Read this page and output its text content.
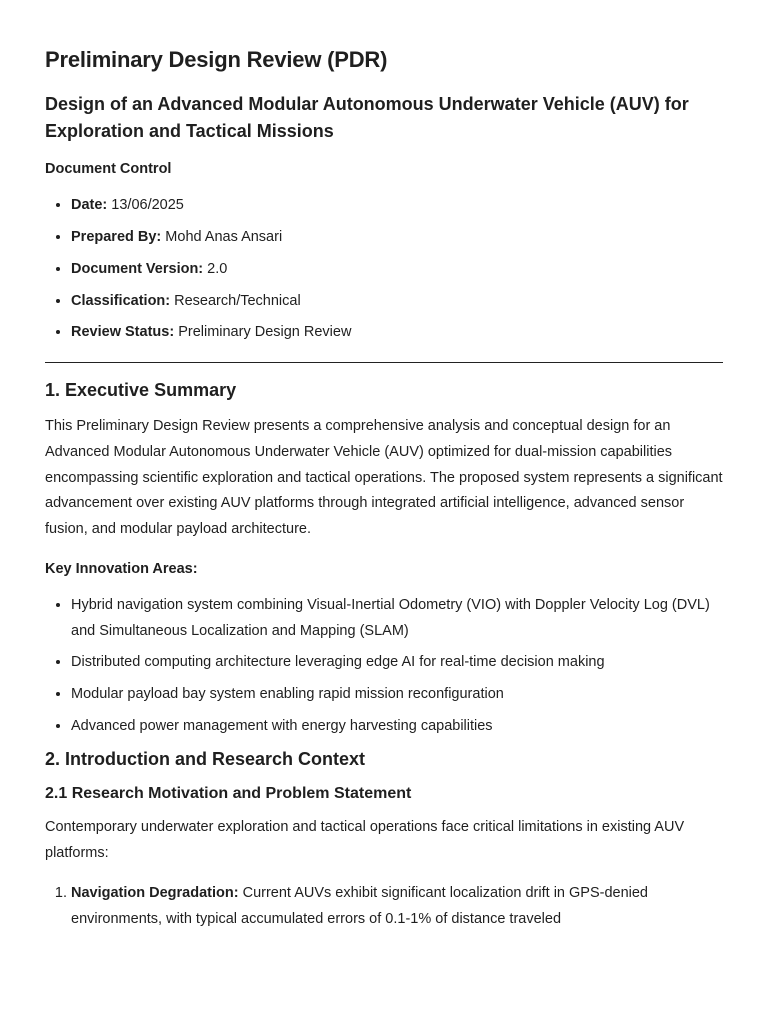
Preliminary Design Review (PDR)
Design of an Advanced Modular Autonomous Underwater Vehicle (AUV) for Exploration and Tactical Missions
Document Control
• Date: 13/06/2025
• Prepared By: Mohd Anas Ansari
• Document Version: 2.0
• Classification: Research/Technical
• Review Status: Preliminary Design Review
1. Executive Summary

This Preliminary Design Review presents a comprehensive analysis and conceptual design for an Advanced Modular Autonomous Underwater Vehicle (AUV) optimized for dual-mission capabilities encompassing scientific exploration and tactical operations. The proposed system represents a significant advancement over existing AUV platforms through integrated artificial intelligence, advanced sensor fusion, and modular payload architecture.

Key Innovation Areas:
• Hybrid navigation system combining Visual-Inertial Odometry (VIO) with Doppler Velocity Log (DVL) and Simultaneous Localization and Mapping (SLAM)
• Distributed computing architecture leveraging edge AI for real-time decision making
• Modular payload bay system enabling rapid mission reconfiguration
• Advanced power management with energy harvesting capabilities
2. Introduction and Research Context
2.1 Research Motivation and Problem Statement

Contemporary underwater exploration and tactical operations face critical limitations in existing AUV platforms:

1. Navigation Degradation: Current AUVs exhibit significant localization drift in GPS-denied environments, with typical accumulated errors of 0.1-1% of distance traveled
